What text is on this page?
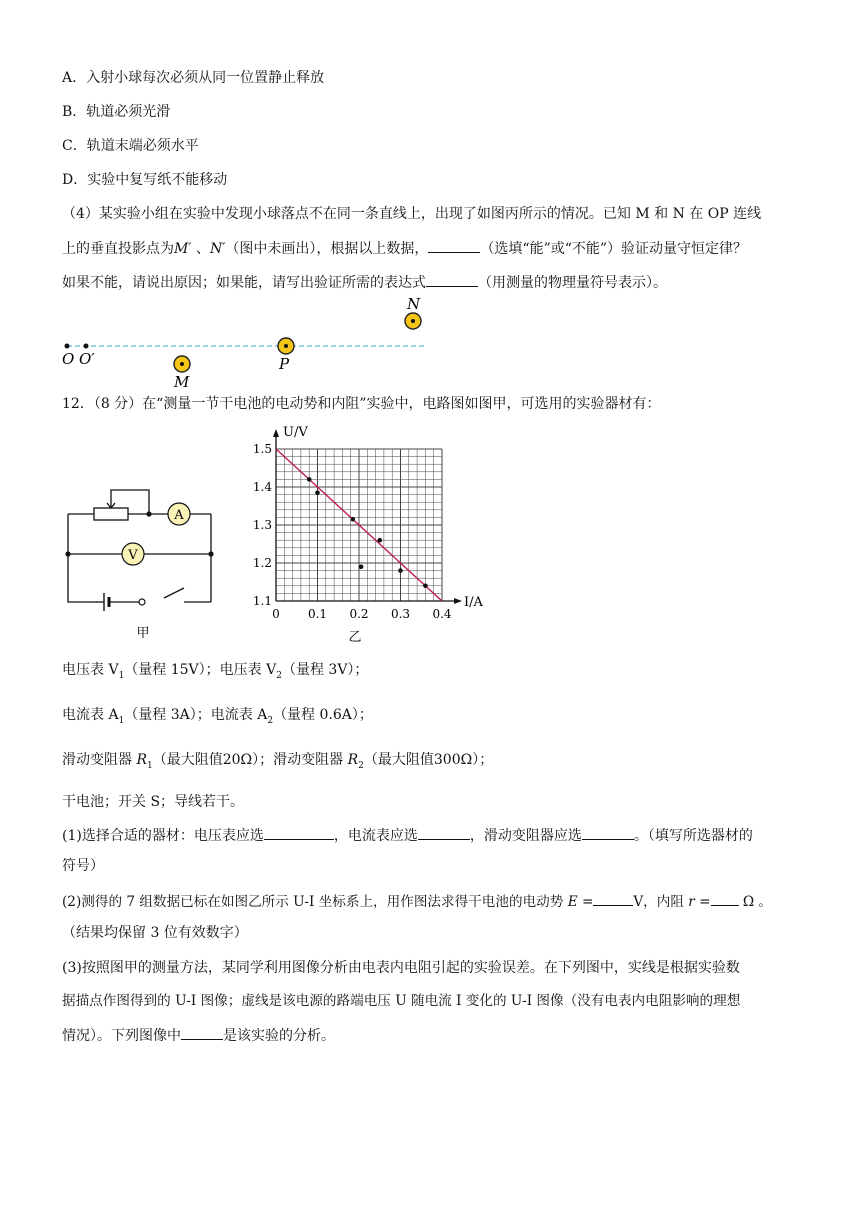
A．入射小球每次必须从同一位置静止释放
B．轨道必须光滑
C．轨道末端必须水平
D．实验中复写纸不能移动
（4）某实验小组在实验中发现小球落点不在同一条直线上，出现了如图丙所示的情况。已知 M 和 N 在 OP 连线
上的垂直投影点为M′ 、N′（图中未画出），根据以上数据，	（选填“能”或“不能”）验证动量守恒定律？
如果不能，请说出原因；如果能，请写出验证所需的表达式	（用测量的物理量符号表示）。
O O′
M
P
N
12．（8 分）在“测量一节干电池的电动势和内阻”实验中，电路图如图甲，可选用的实验器材有：
A
V
甲
0 0.1 0.2 0.3 0.4
1.1
1.2
1.3
1.4
1.5
U/V
I/A
乙
电压表 $V_1$（量程 15V）；电压表 $V_2$（量程 3V）；
电流表 $A_1$（量程 3A）；电流表 $A_2$（量程 0.6A）；
滑动变阻器 $R_1$（最大阻值20Ω）；滑动变阻器 $R_2$（最大阻值300Ω）；
干电池；开关 S；导线若干。
(1)选择合适的器材：电压表应选	，电流表应选	，滑动变阻器应选	。（填写所选器材的
符号）
(2)测得的 7 组数据已标在如图乙所示 U-I 坐标系上，用作图法求得干电池的电动势 E =	V，内阻 r = Ω 。
（结果均保留 3 位有效数字）
(3)按照图甲的测量方法，某同学利用图像分析由电表内电阻引起的实验误差。在下列图中，实线是根据实验数
据描点作图得到的 U-I 图像；虚线是该电源的路端电压 U 随电流 I 变化的 U-I 图像（没有电表内电阻影响的理想
情况）。下列图像中	是该实验的分析。
